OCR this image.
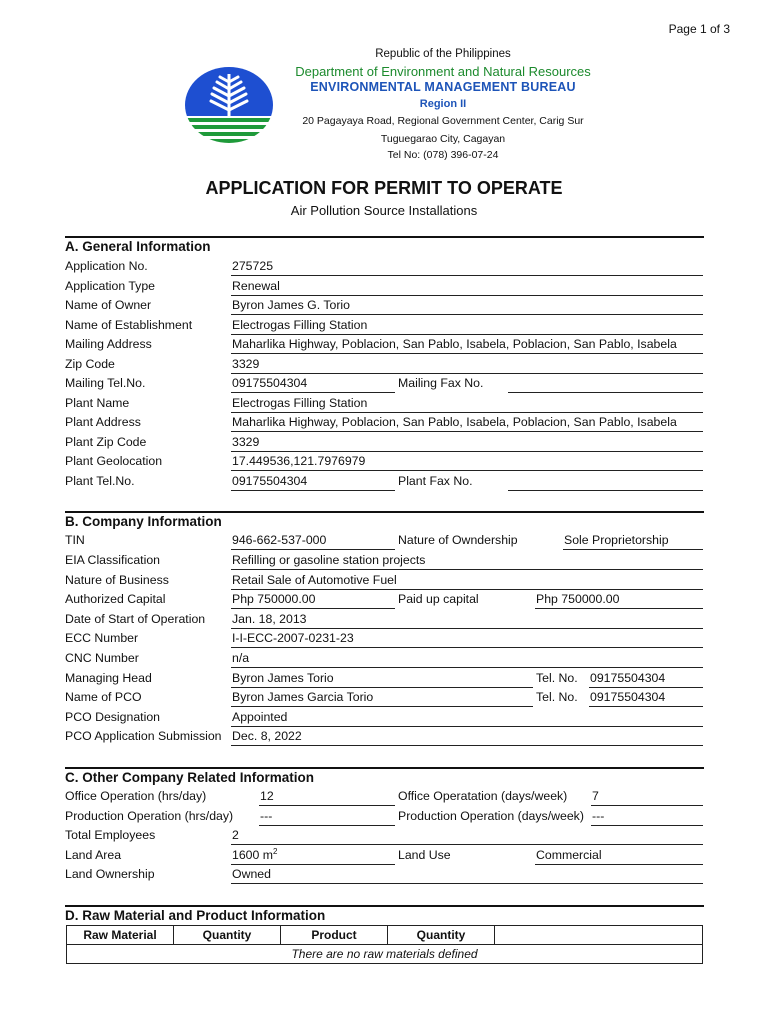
Page 1 of 3
Republic of the Philippines
Department of Environment and Natural Resources
ENVIRONMENTAL MANAGEMENT BUREAU
Region II
20 Pagayaya Road, Regional Government Center, Carig Sur
Tuguegarao City, Cagayan
Tel No: (078) 396-07-24
APPLICATION FOR PERMIT TO OPERATE
Air Pollution Source Installations
A. General Information
Application No.	275725
Application Type	Renewal
Name of Owner	Byron James G. Torio
Name of Establishment	Electrogas Filling Station
Mailing Address	Maharlika Highway, Poblacion, San Pablo, Isabela, Poblacion, San Pablo, Isabela
Zip Code	3329
Mailing Tel.No.	09175504304	Mailing Fax No.
Plant Name	Electrogas Filling Station
Plant Address	Maharlika Highway, Poblacion, San Pablo, Isabela, Poblacion, San Pablo, Isabela
Plant Zip Code	3329
Plant Geolocation	17.449536,121.7976979
Plant Tel.No.	09175504304	Plant Fax No.
B. Company Information
TIN	946-662-537-000	Nature of Owndership	Sole Proprietorship
EIA Classification	Refilling or gasoline station projects
Nature of Business	Retail Sale of Automotive Fuel
Authorized Capital	Php 750000.00	Paid up capital	Php 750000.00
Date of Start of Operation Jan. 18, 2013
ECC Number	I-I-ECC-2007-0231-23
CNC Number	n/a
Managing Head	Byron James Torio	Tel. No. 09175504304
Name of PCO	Byron James Garcia Torio	Tel. No. 09175504304
PCO Designation	Appointed
PCO Application Submission Dec. 8, 2022
C. Other Company Related Information
Office Operation (hrs/day)	12	Office Operatation (days/week) 7
Production Operation (hrs/day) ---	Production Operation (days/week) ---
Total Employees	2
Land Area	1600 $m^2$	Land Use	Commercial
Land Ownership	Owned
D. Raw Material and Product Information
Raw Material	Quantity	Product	Quantity	
There are no raw materials defined
